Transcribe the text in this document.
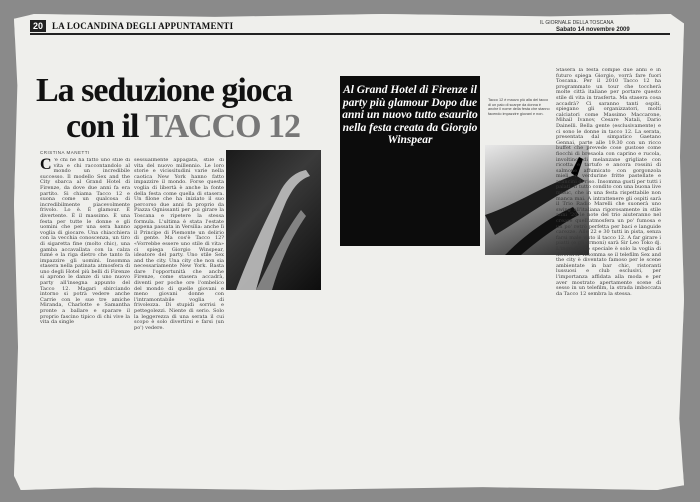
20	LA LOCANDINA DEGLI APPUNTAMENTI	IL GIORNALE DELLA TOSCANA
Sabato 14 novembre 2009
La seduzione gioca
con il TACCO 12
CRISTINA MANETTI
C 'è chi ne ha fatto uno stile di vita e chi raccontandolo al mondo un incredibile successo. Il modello Sex and the City sbarca al Grand Hotel di Firenze, da dove due anni fa era partito. Si chiama Tacco 12 e suona come un qualcosa di incredibilmente piacevolmente frivolo. Lo è. È glamour. È divertente. È il massimo. È una festa per tutte le donne e gli uomini che per una sera hanno voglia di giocare. Una chiacchiera con la vecchia conoscenza, un tiro di sigaretta fine (molto chic), una gamba accavallata con la calza fumé e la riga dietro che tanto fa impazzire gli uomini. Insomma stasera nella patinata atmosfera di uno degli Hotel più belli di Firenze si aprono le danze di uno nuovo party all'insegna appunto del Tacco 12. Magari sbirciando intorno si potrà vedere anche Carrie con le sue tre amiche Miranda, Charlotte e Samantha pronte a ballare e sparare il proprio fascino tipico di chi vive la vita da single
sessualmente appagata, stile di vita del nuovo millennio. Le loro storie e vicissitudini varie nella caotica New York hanno fatto impazzire il mondo. Forse questa voglia di libertà è anche la fonte della festa come quella di stasera. Un filone che ha iniziato il suo percorso due anni fa proprio da Piazza Ognissanti per poi girare la Toscana e ripetere la stessa formula. L'ultima è stata l'estate appena passata in Versilia: anche lì il Principe di Piemonte un delirio di gente. Ma cos'è Tacco 12? «Vorrebbe essere uno stile di vita» ci spiega Giorgio Winspear, ideatore del party. Uno stile Sex and the city. Una city che non sia necessariamente New York. Basta dare l'opportunità che anche Firenze, come stasera accadrà, diventi per poche ore l'ombelico del mondo di quelle giovani e meno giovani donne con l'intramontabile voglia di frivolezza. Di stupidi sorrisi e pettegolezzi. Niente di serio. Solo la leggerezza di una serata il cui scopo è solo divertirsi e farsi (un po') vedere.

Al Grand Hotel di Firenze il party più glamour Dopo due anni un nuovo tutto esaurito nella festa creata da Giorgio Winspear

Tacco 12 è mauvo più alla del tacco di un paio di scarpe da donna è anche il nome della festa che stanno facendo impazzire giovani e non.
Stasera la festa compie due anni e in futuro spiega Giorgio, vorrà fare fuori Toscana. Per il 2010 Tacco 12 ha programmato un tour che toccherà molte città italiane per portare questo stile di vita in trasferta. Ma stasera cosa accadrà? Ci saranno tanti ospiti, spiegano gli organizzatori, molti calciatori come Massimo Maccarone, Mihail Ivanov, Cesare Natali, Dario Dainelli. Bella gente (esclusivamente) e ci sono le donne in tacco 12. La serata, presentata dal simpatico Gaetano Gennai, parte alle 19.30 con un ricco buffet che prevede cose gustose come fiocchi di bresaola con caprino e rucola, involtino di melanzane grigliate con ricotta e tartufo e ancora rossini di salmone affumicato con gorgonzola mieli, o verdurine fritte pastellate e arancini di riso. Insomma gusti per tutti i palati. Il tutto condito con una buona live music, che in una festa rispettabile non manca mai. A intrattenere gli ospiti sarà il Trio Radio Marelli che suonerà uno swing all'italiana rigorosamente in stile anni '20 le note del trio aiuteranno nel creare quell'atmosfera un po' fumosa e un po' retrò perfetta per baci e languide carezze. Alle 22 e 30 tutti in pista, senza farsi male visto il tacco 12. A far girare i piatti (e gli ormoni) sarà Sir Leo Toko dj. L'ingrediente speciale è solo la voglia di divertirsi. Insomma se il telefilm Sex and the city è diventato famoso per le scene ambientate in bar chic, ristoranti lussuosi e club esclusivi, per l'importanza affidata alla moda e per aver mostrato apertamente scene di sesso in un telefilm, la strada imboccata da Tacco 12 sembra la stessa.
